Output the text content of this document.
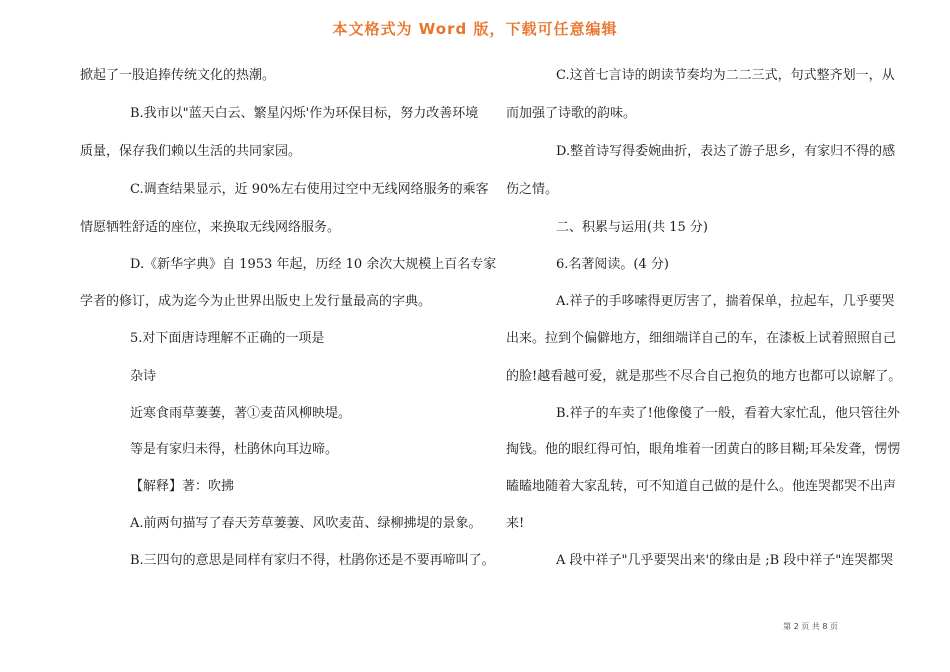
本文格式为 Word 版，下载可任意编辑
掀起了一股追捧传统文化的热潮。
B.我市以"蓝天白云、繁星闪烁'作为环保目标，努力改善环境
质量，保存我们赖以生活的共同家园。
C.调查结果显示，近 90%左右使用过空中无线网络服务的乘客
情愿牺牲舒适的座位，来换取无线网络服务。
D.《新华字典》自 1953 年起，历经 10 余次大规模上百名专家
学者的修订，成为迄今为止世界出版史上发行量最高的字典。
5.对下面唐诗理解不正确的一项是
杂诗
近寒食雨草萋萋，著①麦苗风柳映堤。
等是有家归未得，杜鹃休向耳边啼。
【解释】著：吹拂
A.前两句描写了春天芳草萋萋、风吹麦苗、绿柳拂堤的景象。
B.三四句的意思是同样有家归不得，杜鹃你还是不要再啼叫了。
C.这首七言诗的朗读节奏均为二二三式，句式整齐划一，从
而加强了诗歌的韵味。
D.整首诗写得委婉曲折，表达了游子思乡，有家归不得的感
伤之情。
二、积累与运用(共 15 分)
6.名著阅读。(4 分)
A.祥子的手哆嗦得更厉害了，揣着保单，拉起车，几乎要哭
出来。拉到个偏僻地方，细细端详自己的车，在漆板上试着照照自己
的脸!越看越可爱，就是那些不尽合自己抱负的地方也都可以谅解了。
B.祥子的车卖了!他像傻了一般，看着大家忙乱，他只管往外
掏钱。他的眼红得可怕，眼角堆着一团黄白的眵目糊;耳朵发聋，愣愣
瞌瞌地随着大家乱转，可不知道自己做的是什么。他连哭都哭不出声
来!
A 段中祥子"几乎要哭出来'的缘由是 ;B 段中祥子"连哭都哭
第 2 页 共 8 页
